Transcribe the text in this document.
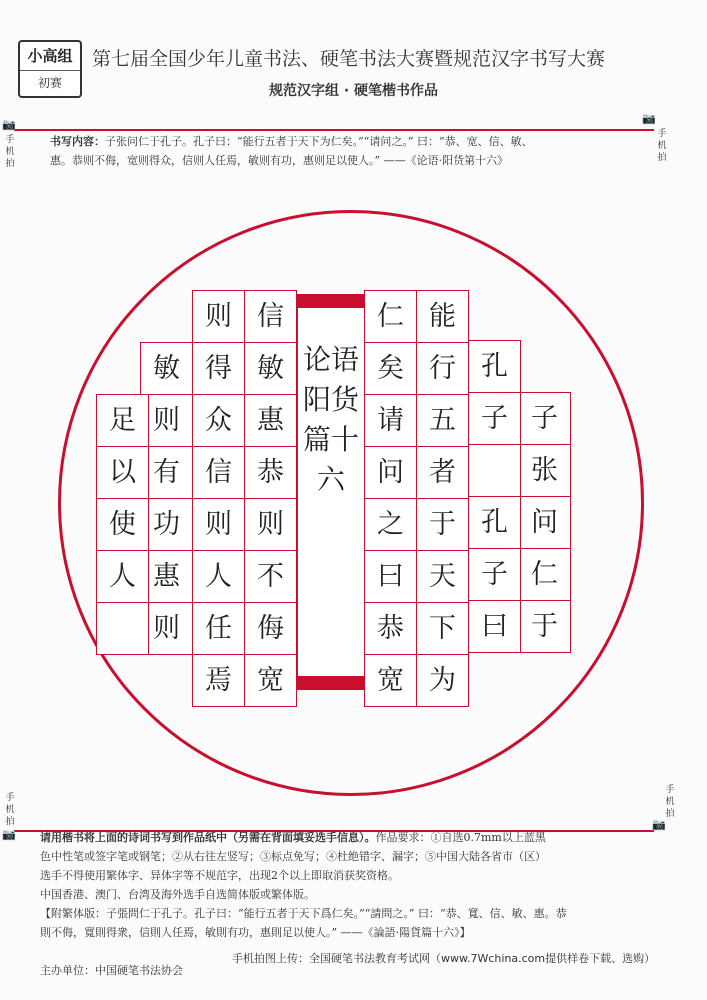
小高组
初赛
第七届全国少年儿童书法、硬笔书法大赛暨规范汉字书写大赛
规范汉字组 · 硬笔楷书作品
📷
手机拍
📷
手机拍
手机拍
📷
手机拍
📷
书写内容：子张问仁于孔子。孔子曰：“能行五者于天下为仁矣。”“请问之。” 曰：“恭、宽、信、敏、
惠。恭则不侮，宽则得众，信则人任焉，敏则有功，惠则足以使人。” ——《论语·阳货第十六》
论语阳货篇十六
子
张
问
仁
于
孔
子
孔
子
曰
能
行
五
者
于
天
下
为
仁
矣
请
问
之
曰
恭
宽
信
敏
惠
恭
则
不
侮
宽
则
得
众
信
则
人
任
焉
敏
则
有
功
惠
则
足
以
使
人
请用楷书将上面的诗词书写到作品纸中（另需在背面填妥选手信息）。作品要求：①自选0.7mm以上蓝黑
色中性笔或签字笔或钢笔；②从右往左竖写；③标点免写；④杜绝错字、漏字；⑤中国大陆各省市（区）
选手不得使用繁体字、异体字等不规范字，出现2个以上即取消获奖资格。
中国香港、澳门、台湾及海外选手自选简体版或繁体版。
【附繁体版：子張問仁于孔子。孔子曰：“能行五者于天下爲仁矣。”“請問之。” 曰：“恭、寬、信、敏、惠。恭
則不侮，寬則得衆，信則人任焉，敏則有功，惠則足以使人。” ——《論語·陽貨篇十六》】
手机拍图上传：全国硬笔书法教育考试网（www.7Wchina.com提供样卷下载、选购）
主办单位：中国硬笔书法协会
